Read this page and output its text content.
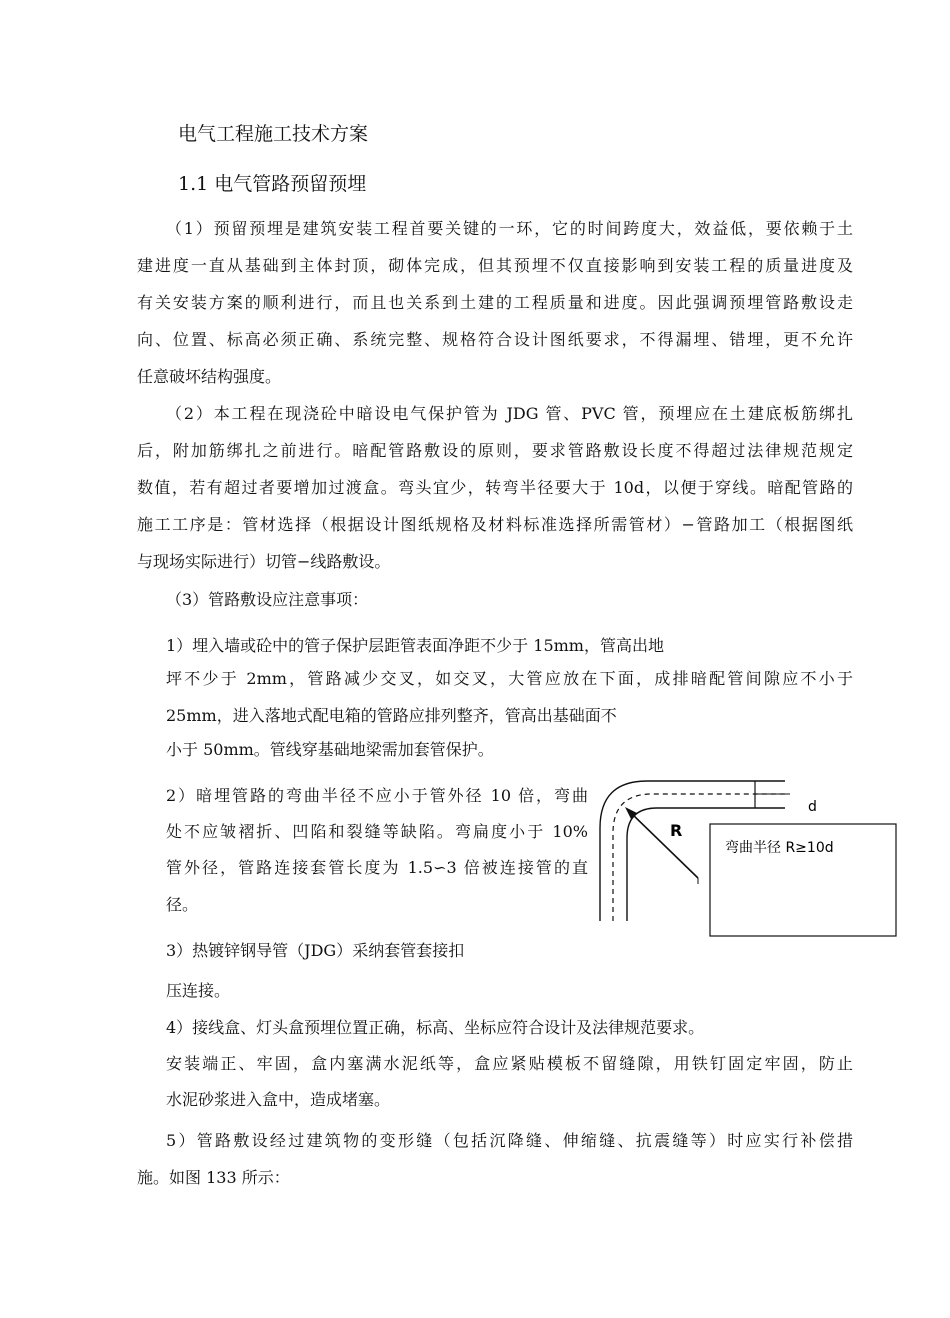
电气工程施工技术方案
1.1 电气管路预留预埋
（1）预留预埋是建筑安装工程首要关键的一环，它的时间跨度大，效益低，要依赖于土
建进度一直从基础到主体封顶，砌体完成，但其预埋不仅直接影响到安装工程的质量进度及
有关安装方案的顺利进行，而且也关系到土建的工程质量和进度。因此强调预埋管路敷设走
向、位置、标高必须正确、系统完整、规格符合设计图纸要求，不得漏埋、错埋，更不允许
任意破坏结构强度。
（2）本工程在现浇砼中暗设电气保护管为 JDG 管、PVC 管，预埋应在土建底板筋绑扎
后，附加筋绑扎之前进行。暗配管路敷设的原则，要求管路敷设长度不得超过法律规范规定
数值，若有超过者要增加过渡盒。弯头宜少，转弯半径要大于 10d，以便于穿线。暗配管路的
施工工序是：管材选择（根据设计图纸规格及材料标准选择所需管材）−管路加工（根据图纸
与现场实际进行）切管−线路敷设。
（3）管路敷设应注意事项：
1）埋入墙或砼中的管子保护层距管表面净距不少于 15mm，管高出地
坪不少于 2mm，管路减少交叉，如交叉，大管应放在下面，成排暗配管间隙应不小于
25mm，进入落地式配电箱的管路应排列整齐，管高出基础面不
小于 50mm。管线穿基础地梁需加套管保护。
2）暗埋管路的弯曲半径不应小于管外径 10 倍，弯曲
处不应皱褶折、凹陷和裂缝等缺陷。弯扁度小于 10%
管外径，管路连接套管长度为 1.5∽3 倍被连接管的直
径。
d
R
弯曲半径 R≥10d
3）热镀锌钢导管（JDG）采纳套管套接扣
压连接。
4）接线盒、灯头盒预埋位置正确，标高、坐标应符合设计及法律规范要求。
安装端正、牢固，盒内塞满水泥纸等，盒应紧贴模板不留缝隙，用铁钉固定牢固，防止
水泥砂浆进入盒中，造成堵塞。
5）管路敷设经过建筑物的变形缝（包括沉降缝、伸缩缝、抗震缝等）时应实行补偿措
施。如图 133 所示：
